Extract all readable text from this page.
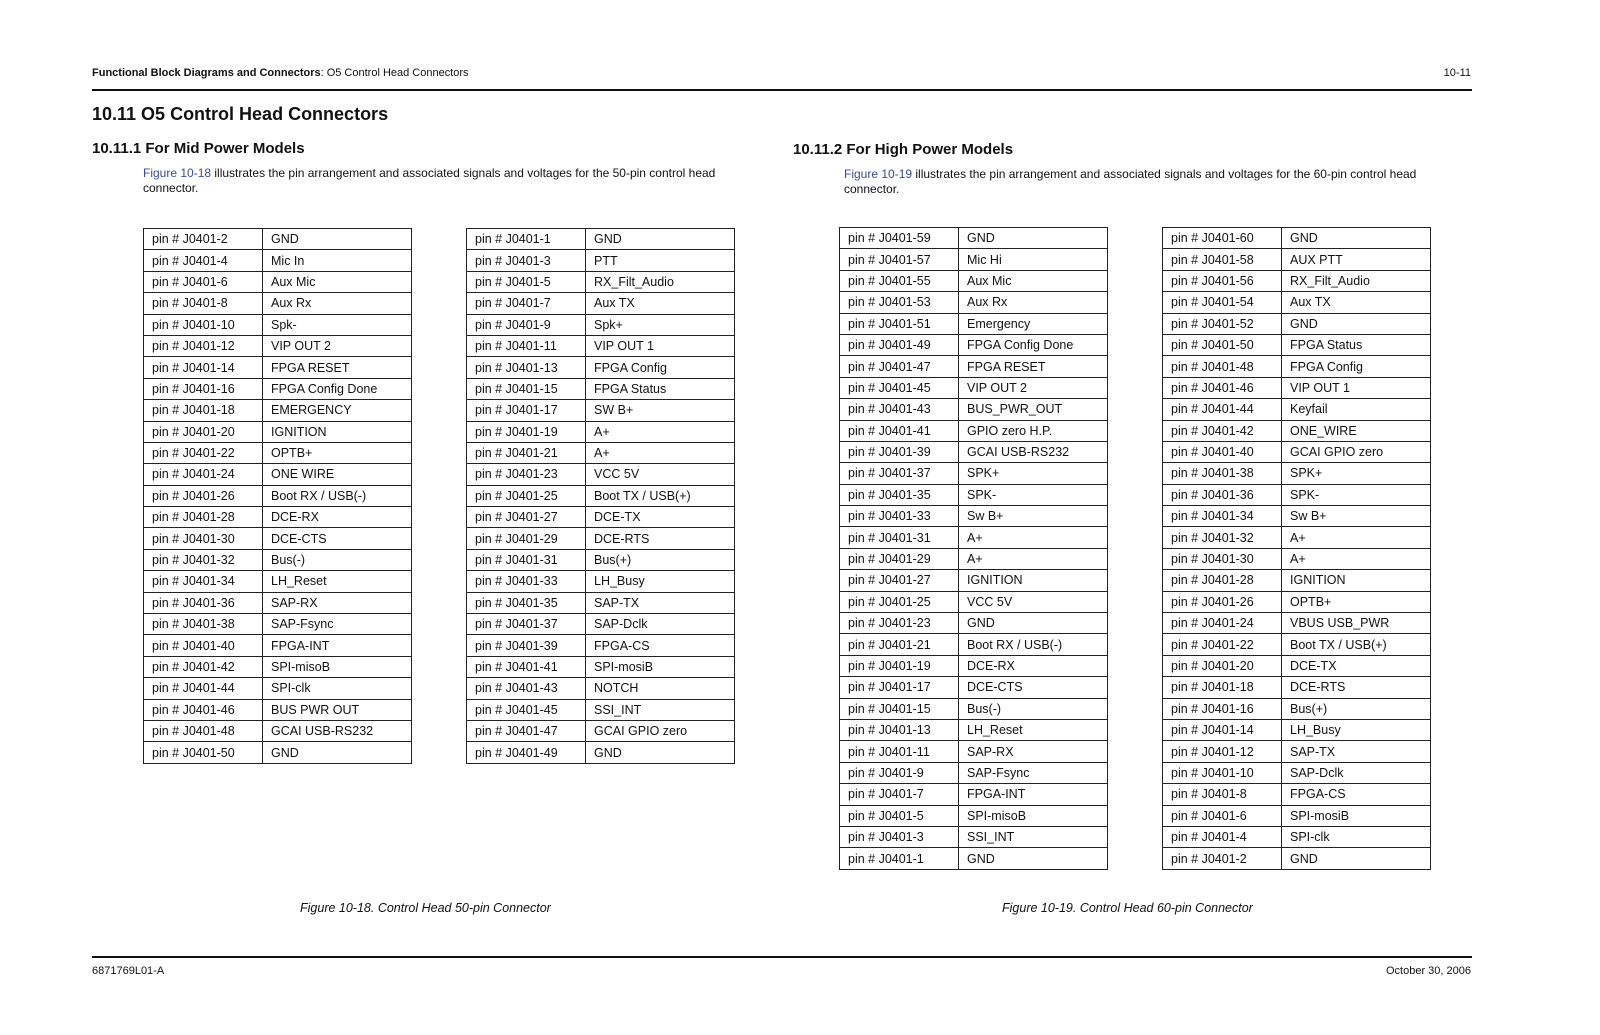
Functional Block Diagrams and Connectors: O5 Control Head Connectors	10-11
10.11 O5 Control Head Connectors
10.11.1 For Mid Power Models
Figure 10-18 illustrates the pin arrangement and associated signals and voltages for the 50-pin control head connector.
10.11.2 For High Power Models
Figure 10-19 illustrates the pin arrangement and associated signals and voltages for the 60-pin control head connector.
pin # J0401-2	GND
pin # J0401-4	Mic In
pin # J0401-6	Aux Mic
pin # J0401-8	Aux Rx
pin # J0401-10	Spk-
pin # J0401-12	VIP OUT 2
pin # J0401-14	FPGA RESET
pin # J0401-16	FPGA Config Done
pin # J0401-18	EMERGENCY
pin # J0401-20	IGNITION
pin # J0401-22	OPTB+
pin # J0401-24	ONE WIRE
pin # J0401-26	Boot RX / USB(-)
pin # J0401-28	DCE-RX
pin # J0401-30	DCE-CTS
pin # J0401-32	Bus(-)
pin # J0401-34	LH_Reset
pin # J0401-36	SAP-RX
pin # J0401-38	SAP-Fsync
pin # J0401-40	FPGA-INT
pin # J0401-42	SPI-misoB
pin # J0401-44	SPI-clk
pin # J0401-46	BUS PWR OUT
pin # J0401-48	GCAI USB-RS232
pin # J0401-50	GND
pin # J0401-1	GND
pin # J0401-3	PTT
pin # J0401-5	RX_Filt_Audio
pin # J0401-7	Aux TX
pin # J0401-9	Spk+
pin # J0401-11	VIP OUT 1
pin # J0401-13	FPGA Config
pin # J0401-15	FPGA Status
pin # J0401-17	SW B+
pin # J0401-19	A+
pin # J0401-21	A+
pin # J0401-23	VCC 5V
pin # J0401-25	Boot TX / USB(+)
pin # J0401-27	DCE-TX
pin # J0401-29	DCE-RTS
pin # J0401-31	Bus(+)
pin # J0401-33	LH_Busy
pin # J0401-35	SAP-TX
pin # J0401-37	SAP-Dclk
pin # J0401-39	FPGA-CS
pin # J0401-41	SPI-mosiB
pin # J0401-43	NOTCH
pin # J0401-45	SSI_INT
pin # J0401-47	GCAI GPIO zero
pin # J0401-49	GND
pin # J0401-59	GND
pin # J0401-57	Mic Hi
pin # J0401-55	Aux Mic
pin # J0401-53	Aux Rx
pin # J0401-51	Emergency
pin # J0401-49	FPGA Config Done
pin # J0401-47	FPGA RESET
pin # J0401-45	VIP OUT 2
pin # J0401-43	BUS_PWR_OUT
pin # J0401-41	GPIO zero H.P.
pin # J0401-39	GCAI USB-RS232
pin # J0401-37	SPK+
pin # J0401-35	SPK-
pin # J0401-33	Sw B+
pin # J0401-31	A+
pin # J0401-29	A+
pin # J0401-27	IGNITION
pin # J0401-25	VCC 5V
pin # J0401-23	GND
pin # J0401-21	Boot RX / USB(-)
pin # J0401-19	DCE-RX
pin # J0401-17	DCE-CTS
pin # J0401-15	Bus(-)
pin # J0401-13	LH_Reset
pin # J0401-11	SAP-RX
pin # J0401-9	SAP-Fsync
pin # J0401-7	FPGA-INT
pin # J0401-5	SPI-misoB
pin # J0401-3	SSI_INT
pin # J0401-1	GND
pin # J0401-60	GND
pin # J0401-58	AUX PTT
pin # J0401-56	RX_Filt_Audio
pin # J0401-54	Aux TX
pin # J0401-52	GND
pin # J0401-50	FPGA Status
pin # J0401-48	FPGA Config
pin # J0401-46	VIP OUT 1
pin # J0401-44	Keyfail
pin # J0401-42	ONE_WIRE
pin # J0401-40	GCAI GPIO zero
pin # J0401-38	SPK+
pin # J0401-36	SPK-
pin # J0401-34	Sw B+
pin # J0401-32	A+
pin # J0401-30	A+
pin # J0401-28	IGNITION
pin # J0401-26	OPTB+
pin # J0401-24	VBUS USB_PWR
pin # J0401-22	Boot TX / USB(+)
pin # J0401-20	DCE-TX
pin # J0401-18	DCE-RTS
pin # J0401-16	Bus(+)
pin # J0401-14	LH_Busy
pin # J0401-12	SAP-TX
pin # J0401-10	SAP-Dclk
pin # J0401-8	FPGA-CS
pin # J0401-6	SPI-mosiB
pin # J0401-4	SPI-clk
pin # J0401-2	GND
Figure 10-18. Control Head 50-pin Connector	Figure 10-19. Control Head 60-pin Connector
6871769L01-A	October 30, 2006
